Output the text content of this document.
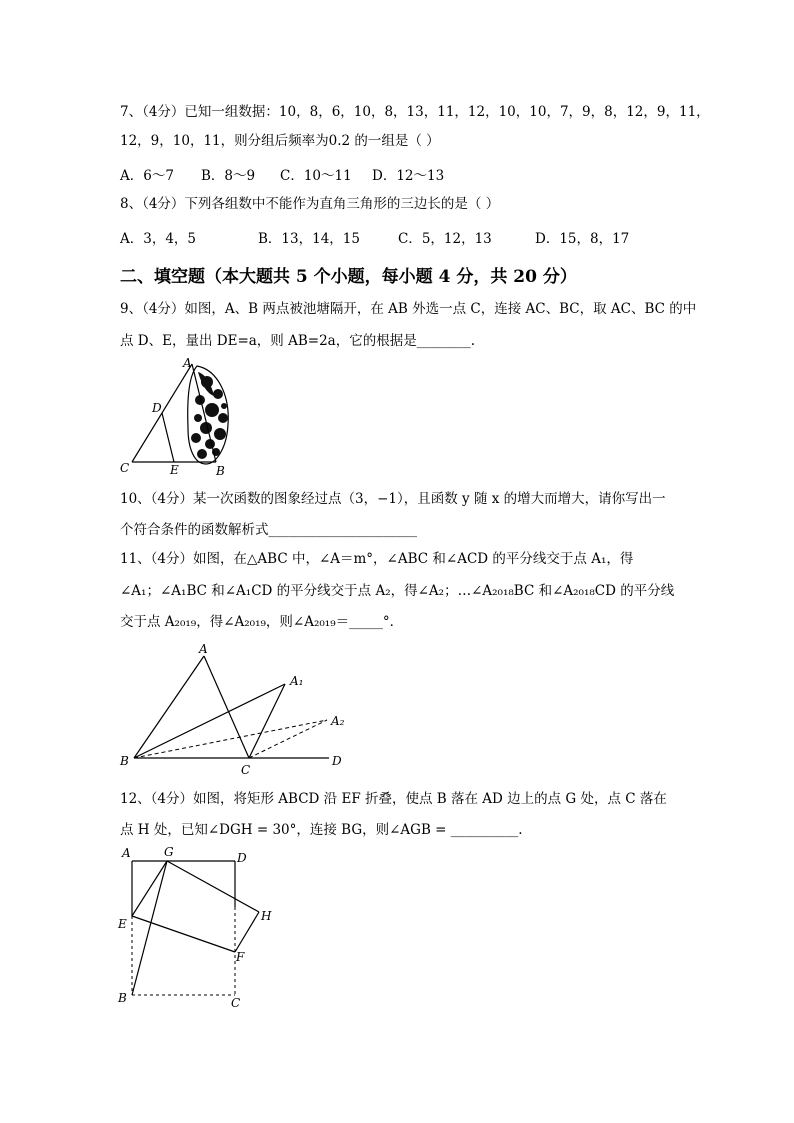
7、（4分）已知一组数据：10，8，6，10，8，13，11，12，10，10，7，9，8，12，9，11，
12，9，10，11，则分组后频率为0.2 的一组是（ ）
A．6～7 B．8～9 C．10～11 D．12～13
8、（4分）下列各组数中不能作为直角三角形的三边长的是（ ）
A．3，4，5	B．13，14，15	C．5，12，13	D．15，8，17
二、填空题（本大题共 5 个小题，每小题 4 分，共 20 分）
9、（4分）如图，A、B 两点被池塘隔开，在 AB 外选一点 C，连接 AC、BC，取 AC、BC 的中
点 D、E，量出 DE=a，则 AB=2a，它的根据是________.
A
D
C	E	B
10、（4分）某一次函数的图象经过点（3，−1），且函数 y 随 x 的增大而增大，请你写出一
个符合条件的函数解析式______________________
11、（4分）如图，在△ABC 中，∠A＝m°，∠ABC 和∠ACD 的平分线交于点 A₁，得
∠A₁；∠A₁BC 和∠A₁CD 的平分线交于点 A₂，得∠A₂；…∠A₂₀₁₈BC 和∠A₂₀₁₈CD 的平分线
交于点 A₂₀₁₉，得∠A₂₀₁₉，则∠A₂₀₁₉＝_____°．
A
A₁
A₂
B
C
D
12、（4分）如图，将矩形 ABCD 沿 EF 折叠，使点 B 落在 AD 边上的点 G 处，点 C 落在
点 H 处，已知∠DGH = 30°，连接 BG，则∠AGB = __________.
A	G	D
H
E
F
B	C
